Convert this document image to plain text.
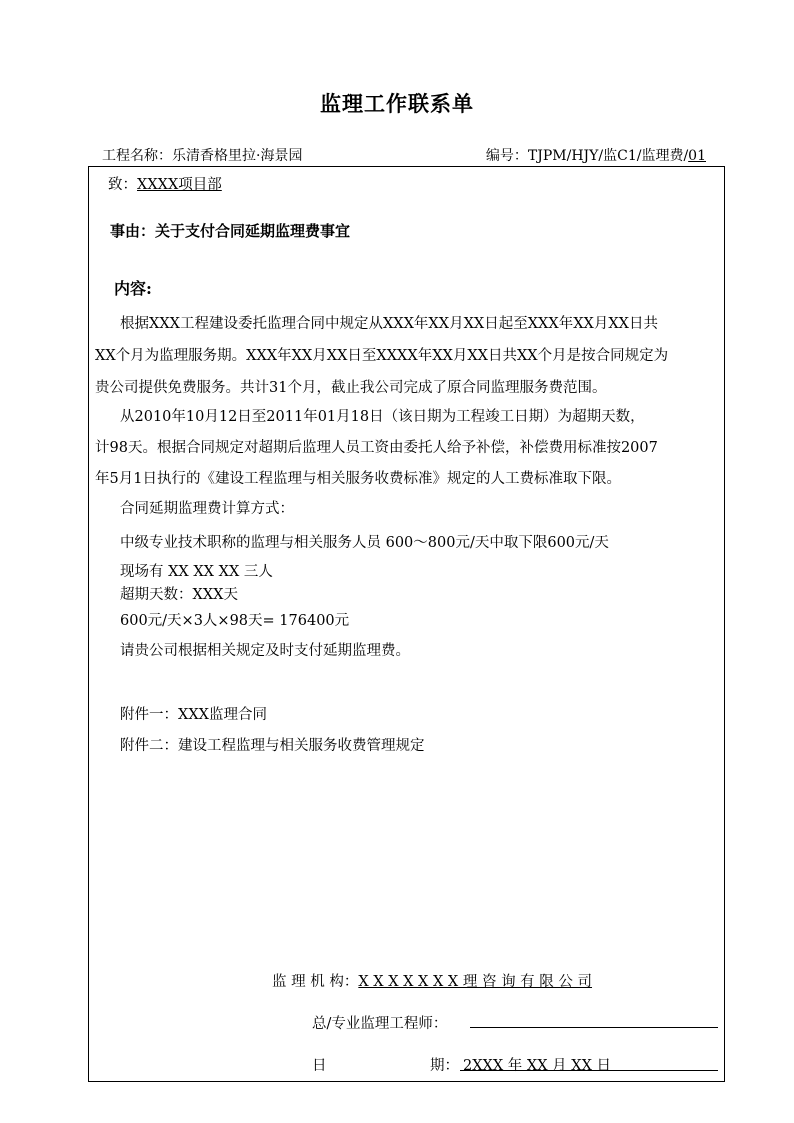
监理工作联系单
工程名称：乐清香格里拉·海景园	编号：TJPM/HJY/监C1/监理费/01
致：XXXX项目部
事由：关于支付合同延期监理费事宜
内容:
根据XXX工程建设委托监理合同中规定从XXX年XX月XX日起至XXX年XX月XX日共
XX个月为监理服务期。XXX年XX月XX日至XXXX年XX月XX日共XX个月是按合同规定为
贵公司提供免费服务。共计31个月，截止我公司完成了原合同监理服务费范围。
从2010年10月12日至2011年01月18日（该日期为工程竣工日期）为超期天数，
计98天。根据合同规定对超期后监理人员工资由委托人给予补偿，补偿费用标准按2007
年5月1日执行的《建设工程监理与相关服务收费标准》规定的人工费标准取下限。
合同延期监理费计算方式：
中级专业技术职称的监理与相关服务人员 600～800元/天中取下限600元/天
现场有 XX XX XX 三人
超期天数：XXX天
600元/天×3人×98天= 176400元
请贵公司根据相关规定及时支付延期监理费。
附件一：XXX监理合同
附件二：建设工程监理与相关服务收费管理规定
监 理 机 构：X X X X X X X 理 咨 询 有 限 公 司
总/专业监理工程师：
日	期： 2XXX 年 XX 月 XX 日
